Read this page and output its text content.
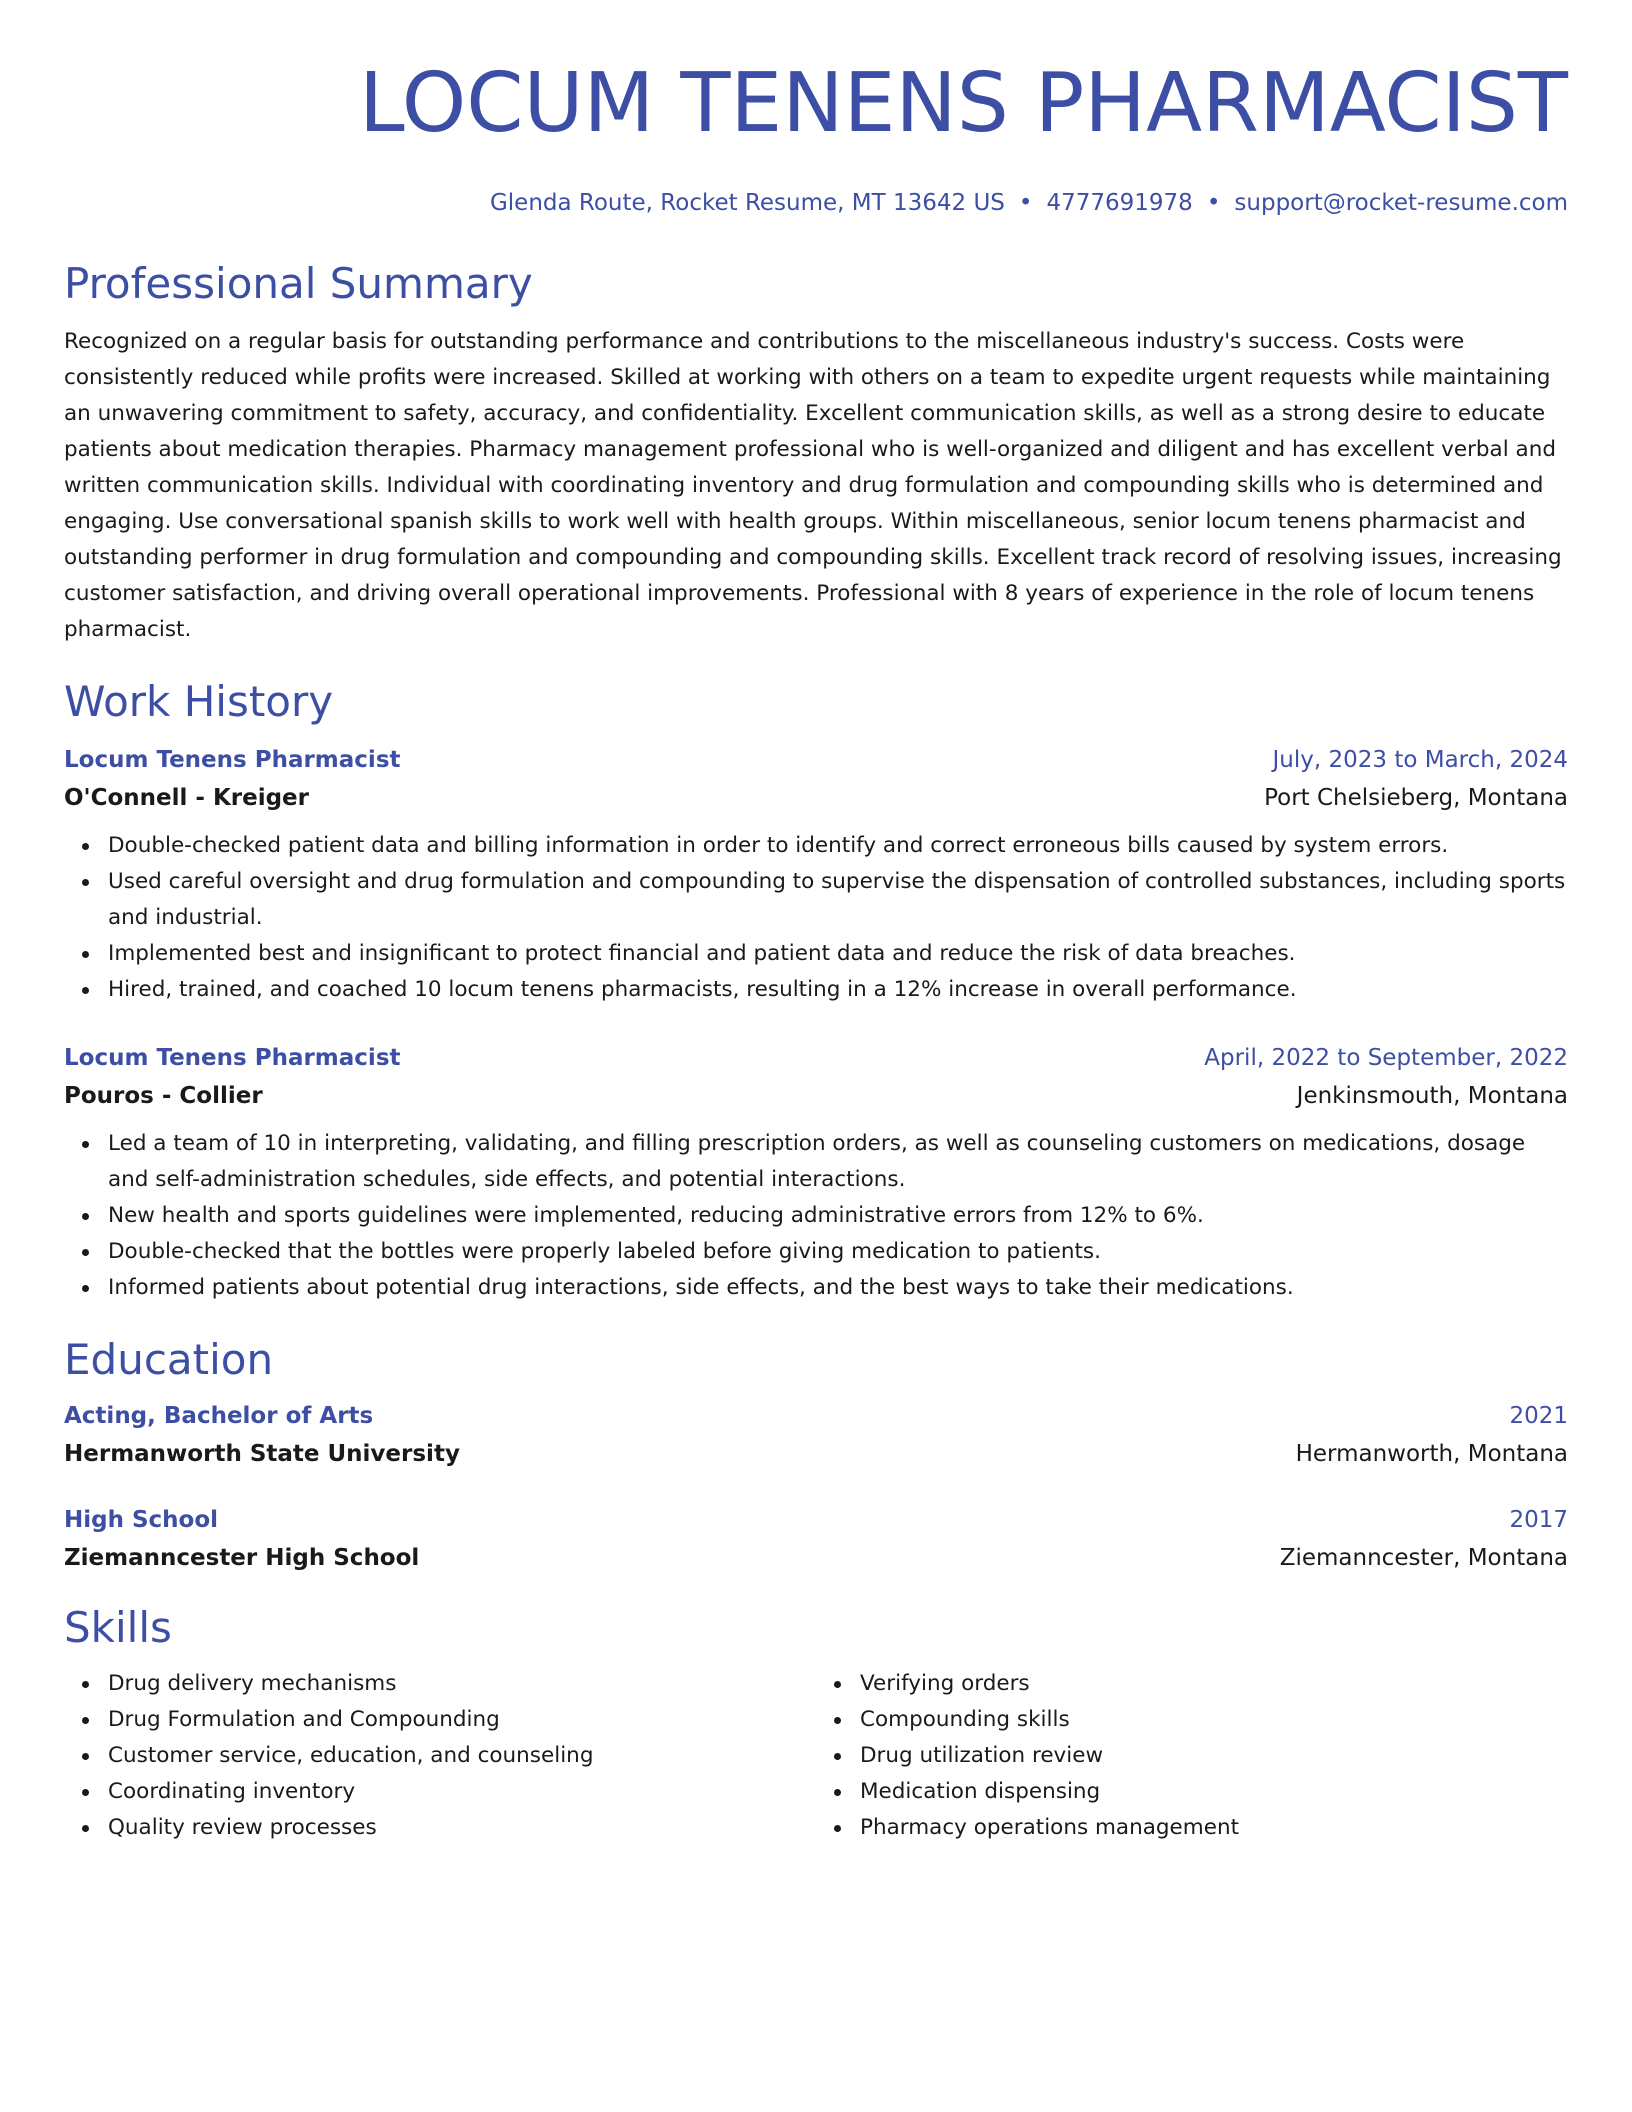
LOCUM TENENS PHARMACIST
Glenda Route, Rocket Resume, MT 13642 US • 4777691978 • support@rocket-resume.com
Professional Summary

Recognized on a regular basis for outstanding performance and contributions to the miscellaneous industry's success. Costs were consistently reduced while profits were increased. Skilled at working with others on a team to expedite urgent requests while maintaining an unwavering commitment to safety, accuracy, and confidentiality. Excellent communication skills, as well as a strong desire to educate patients about medication therapies. Pharmacy management professional who is well-organized and diligent and has excellent verbal and written communication skills. Individual with coordinating inventory and drug formulation and compounding skills who is determined and engaging. Use conversational spanish skills to work well with health groups. Within miscellaneous, senior locum tenens pharmacist and outstanding performer in drug formulation and compounding and compounding skills. Excellent track record of resolving issues, increasing customer satisfaction, and driving overall operational improvements. Professional with 8 years of experience in the role of locum tenens pharmacist.

Work History
Locum Tenens Pharmacist	July, 2023 to March, 2024
O'Connell - Kreiger	Port Chelsieberg, Montana
Double-checked patient data and billing information in order to identify and correct erroneous bills caused by system errors.
Used careful oversight and drug formulation and compounding to supervise the dispensation of controlled substances, including sports and industrial.
Implemented best and insignificant to protect financial and patient data and reduce the risk of data breaches.
Hired, trained, and coached 10 locum tenens pharmacists, resulting in a 12% increase in overall performance.
Locum Tenens Pharmacist	April, 2022 to September, 2022
Pouros - Collier	Jenkinsmouth, Montana
Led a team of 10 in interpreting, validating, and filling prescription orders, as well as counseling customers on medications, dosage and self-administration schedules, side effects, and potential interactions.
New health and sports guidelines were implemented, reducing administrative errors from 12% to 6%.
Double-checked that the bottles were properly labeled before giving medication to patients.
Informed patients about potential drug interactions, side effects, and the best ways to take their medications.
Education
Acting, Bachelor of Arts	2021
Hermanworth State University	Hermanworth, Montana
High School	2017
Ziemanncester High School	Ziemanncester, Montana
Skills
Drug delivery mechanisms
Drug Formulation and Compounding
Customer service, education, and counseling
Coordinating inventory
Quality review processes
Verifying orders
Compounding skills
Drug utilization review
Medication dispensing
Pharmacy operations management
